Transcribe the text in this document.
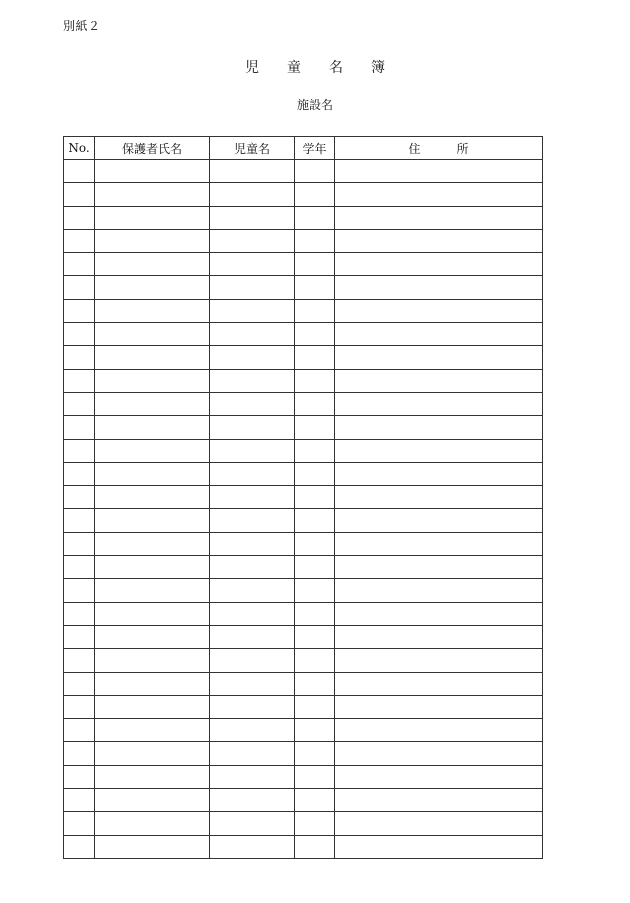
別紙２
児　　童　　名　　簿
施設名
No.	保護者氏名	児童名	学年	住　　　所
